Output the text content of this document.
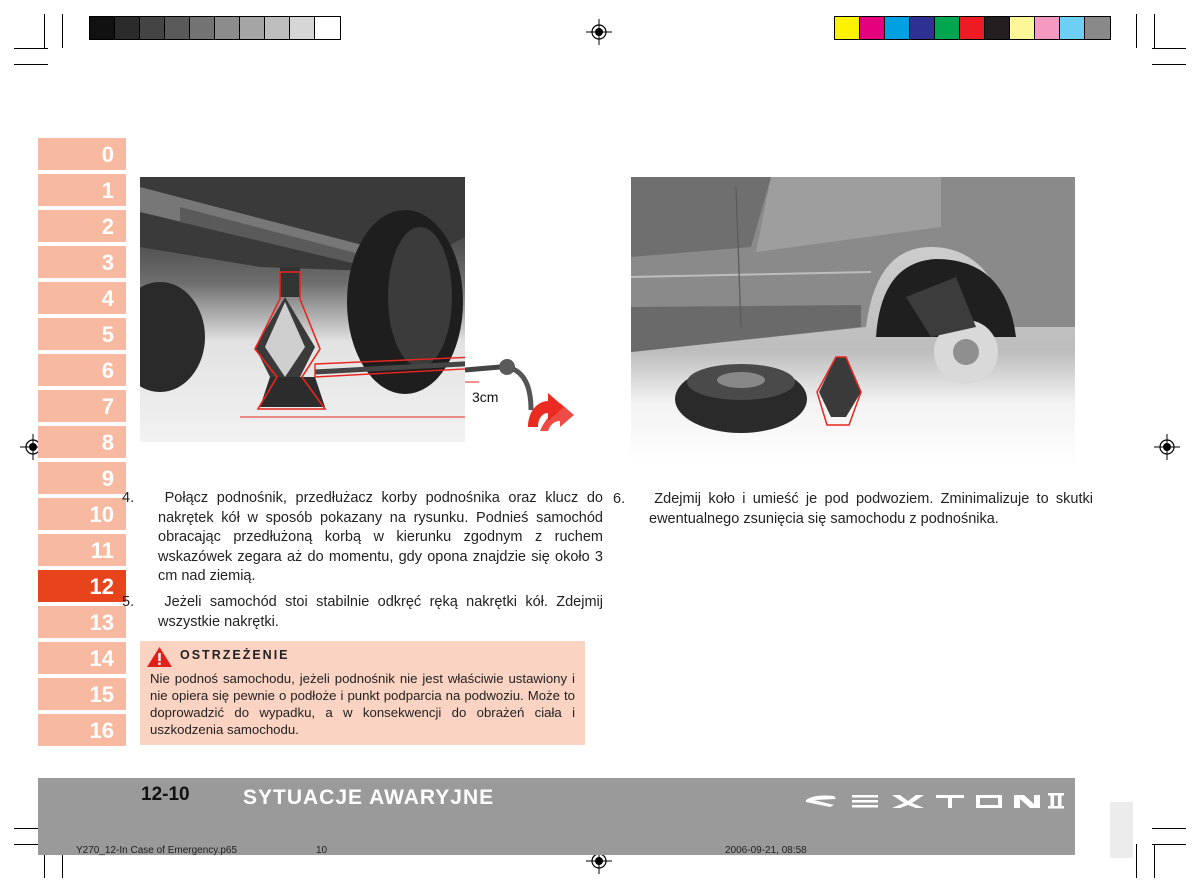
0
1
2
3
4
5
6
7
8
9
10
11
12
13
14
15
16
3cm
4. Połącz podnośnik, przedłużacz korby podnośnika oraz klucz do nakrętek kół w sposób pokazany na rysunku. Podnieś samochód obracając przedłużoną korbą w kierunku zgodnym z ruchem wskazówek zegara aż do momentu, gdy opona znajdzie się około 3 cm nad ziemią.
5. Jeżeli samochód stoi stabilnie odkręć ręką nakrętki kół. Zdejmij wszystkie nakrętki.
OSTRZEŻENIE
Nie podnoś samochodu, jeżeli podnośnik nie jest właściwie ustawiony i nie opiera się pewnie o podłoże i punkt podparcia na podwoziu. Może to doprowadzić do wypadku, a w konsekwencji do obrażeń ciała i uszkodzenia samochodu.
6. Zdejmij koło i umieść je pod podwoziem. Zminimalizuje to skutki ewentualnego zsunięcia się samochodu z podnośnika.
12-10	SYTUACJE AWARYJNE
Y270_12-In Case of Emergency.p65	10	2006-09-21, 08:58
